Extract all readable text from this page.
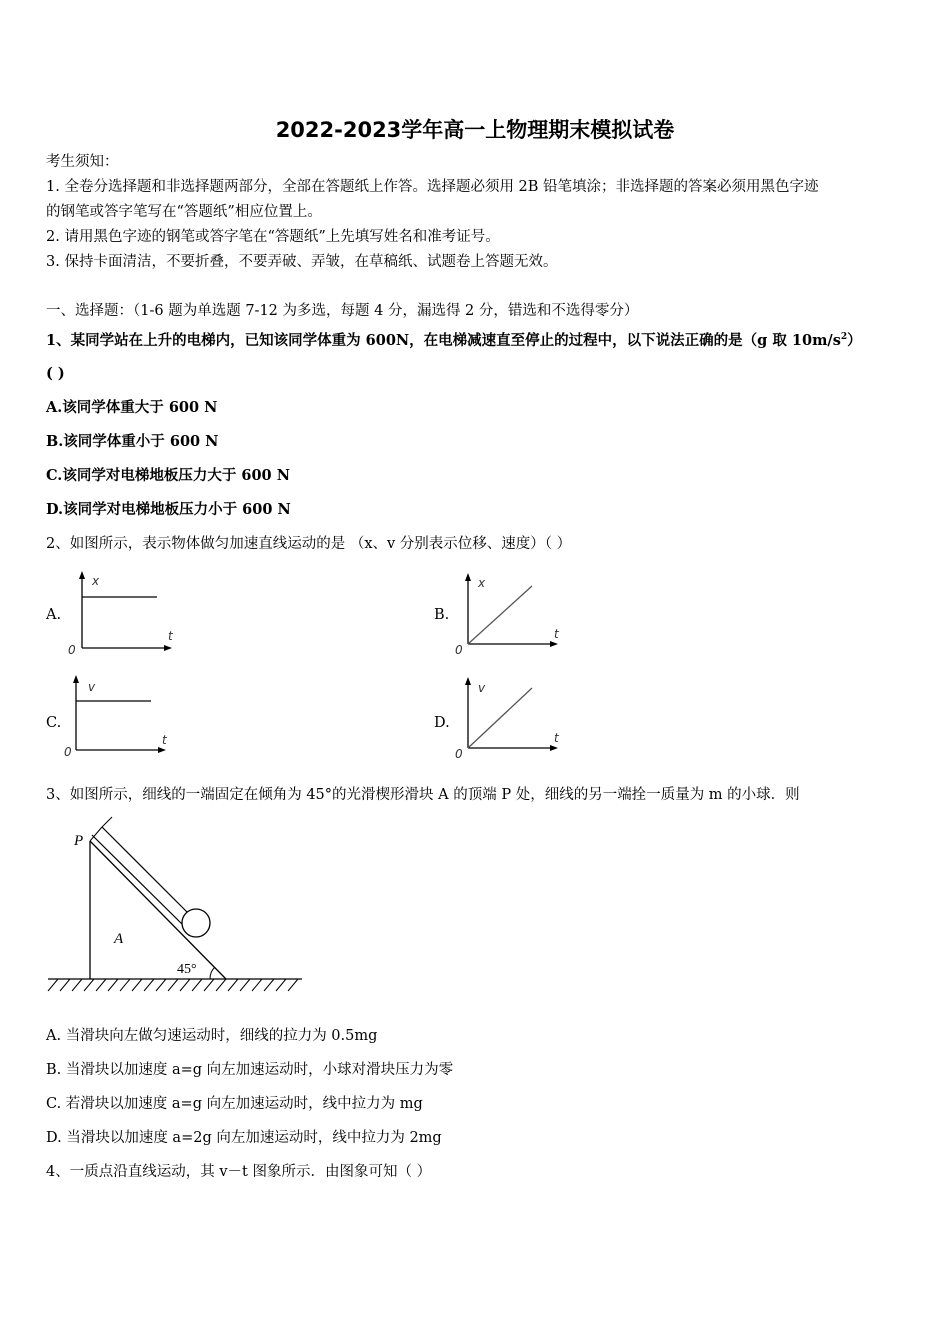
2022-2023学年高一上物理期末模拟试卷
考生须知：
1. 全卷分选择题和非选择题两部分，全部在答题纸上作答。选择题必须用 2B 铅笔填涂；非选择题的答案必须用黑色字迹
的钢笔或答字笔写在“答题纸”相应位置上。
2. 请用黑色字迹的钢笔或答字笔在“答题纸”上先填写姓名和准考证号。
3. 保持卡面清洁，不要折叠，不要弄破、弄皱，在草稿纸、试题卷上答题无效。
一、选择题：（1-6 题为单选题 7-12 为多选，每题 4 分，漏选得 2 分，错选和不选得零分）
1、某同学站在上升的电梯内，已知该同学体重为 600N，在电梯减速直至停止的过程中，以下说法正确的是（g 取 $10m/s^2$）
( )
A.该同学体重大于 600 N
B.该同学体重小于 600 N
C.该同学对电梯地板压力大于 600 N
D.该同学对电梯地板压力小于 600 N
2、如图所示，表示物体做匀加速直线运动的是 （x、v 分别表示位移、速度）（ ）
A.
x
t
0
B.
x
t
0
C.
v
t
0
D.
v
t
0
3、如图所示，细线的一端固定在倾角为 45°的光滑楔形滑块 A 的顶端 P 处，细线的另一端拴一质量为 m 的小球．则
P
A
45°
A. 当滑块向左做匀速运动时，细线的拉力为 0.5mg
B. 当滑块以加速度 a=g 向左加速运动时，小球对滑块压力为零
C. 若滑块以加速度 a=g 向左加速运动时，线中拉力为 mg
D. 当滑块以加速度 a=2g 向左加速运动时，线中拉力为 2mg
4、一质点沿直线运动，其 v－t 图象所示．由图象可知（ ）
